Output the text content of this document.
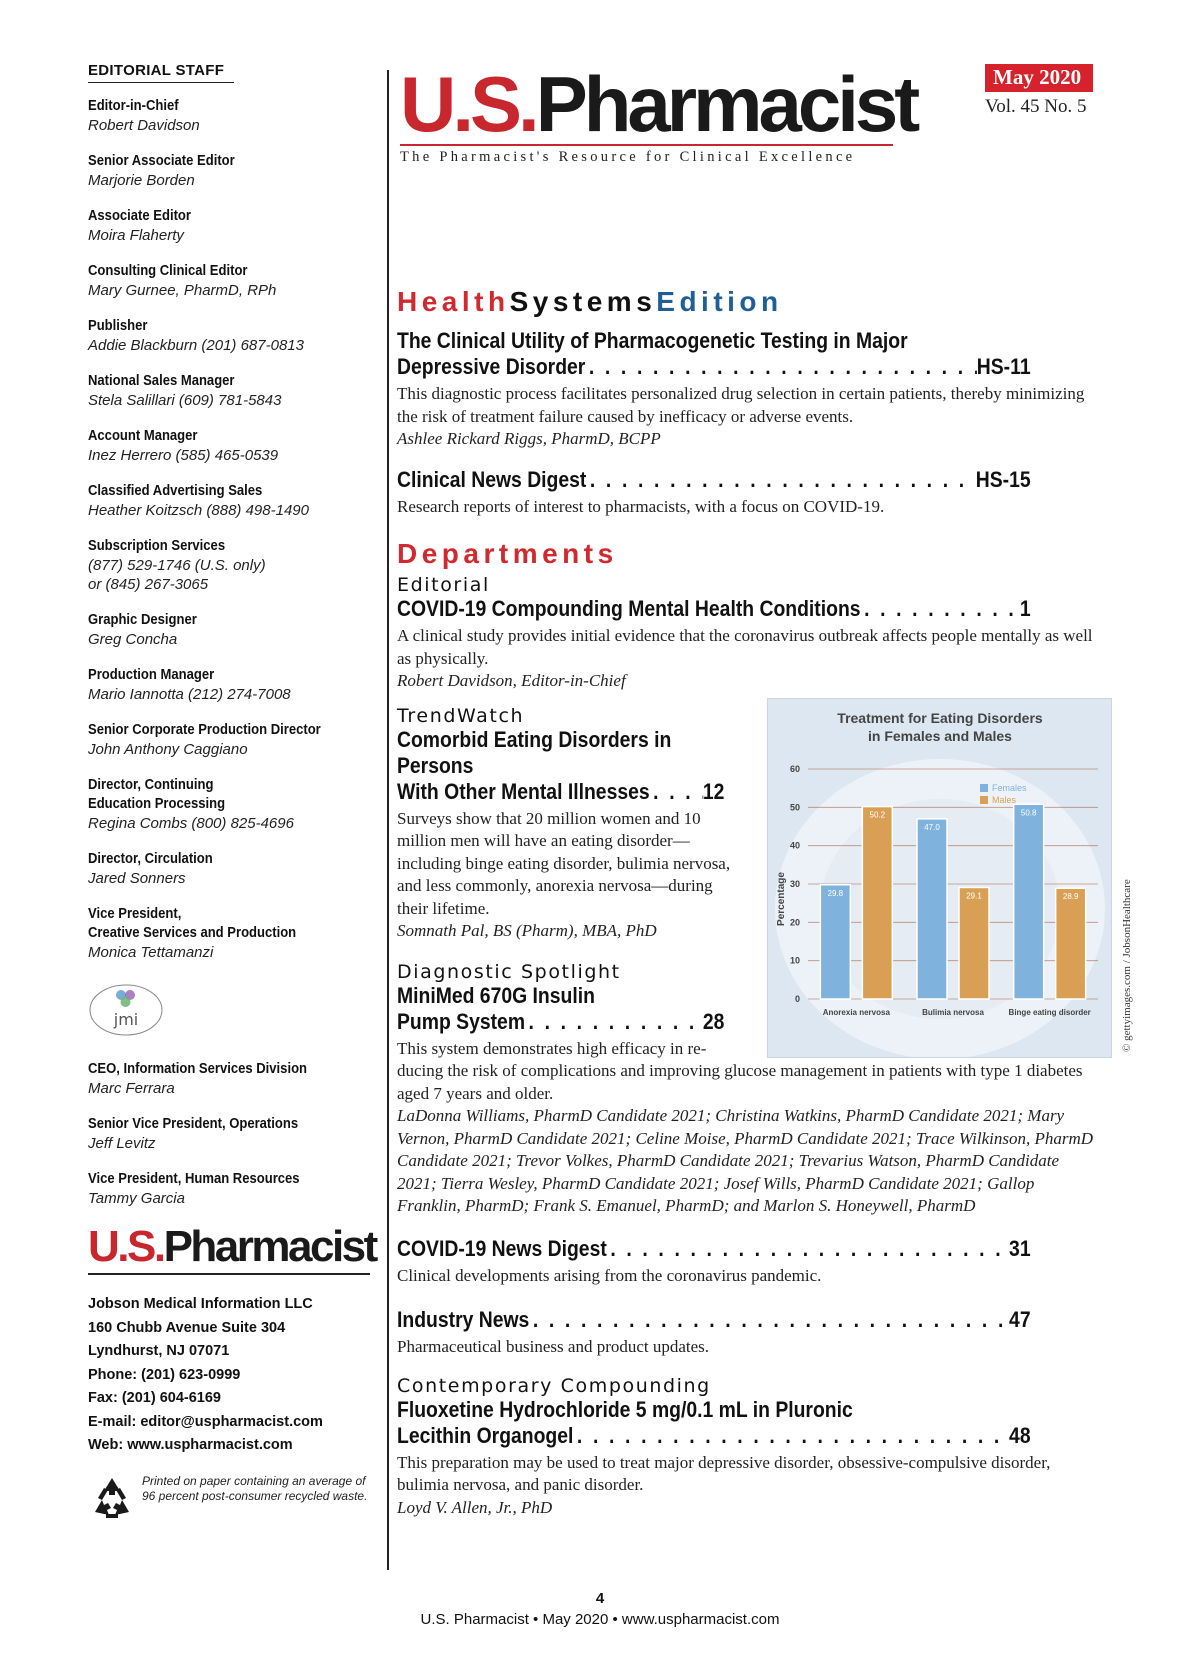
EDITORIAL STAFF
Editor-in-Chief
Robert Davidson
Senior Associate Editor
Marjorie Borden
Associate Editor
Moira Flaherty
Consulting Clinical Editor
Mary Gurnee, PharmD, RPh
Publisher
Addie Blackburn (201) 687-0813
National Sales Manager
Stela Salillari (609) 781-5843
Account Manager
Inez Herrero (585) 465-0539
Classified Advertising Sales
Heather Koitzsch (888) 498-1490
Subscription Services
(877) 529-1746 (U.S. only)
or (845) 267-3065
Graphic Designer
Greg Concha
Production Manager
Mario Iannotta (212) 274-7008
Senior Corporate Production Director
John Anthony Caggiano
Director, Continuing
Education Processing
Regina Combs (800) 825-4696
Director, Circulation
Jared Sonners
Vice President,
Creative Services and Production
Monica Tettamanzi
jmi
CEO, Information Services Division
Marc Ferrara
Senior Vice President, Operations
Jeff Levitz
Vice President, Human Resources
Tammy Garcia
U.S.Pharmacist
Jobson Medical Information LLC
160 Chubb Avenue Suite 304
Lyndhurst, NJ 07071
Phone: (201) 623-0999
Fax: (201) 604-6169
E-mail: editor@uspharmacist.com
Web: www.uspharmacist.com
Printed on paper containing an average of 96 percent post-consumer recycled waste.
U.S.Pharmacist
The Pharmacist's Resource for Clinical Excellence
May 2020
Vol. 45 No. 5
HealthSystemsEdition
The Clinical Utility of Pharmacogenetic Testing in Major
Depressive Disorder . . .	HS-11
This diagnostic process facilitates personalized drug selection in certain patients, thereby minimizing the risk of treatment failure caused by inefficacy or adverse events.
Ashlee Rickard Riggs, PharmD, BCPP
Clinical News Digest . . .	HS-15
Research reports of interest to pharmacists, with a focus on COVID-19.
Departments
Editorial
COVID-19 Compounding Mental Health Conditions . . .	1
A clinical study provides initial evidence that the coronavirus outbreak affects people mentally as well as physically.
Robert Davidson, Editor-in-Chief
TrendWatch
Comorbid Eating Disorders in Persons
With Other Mental Illnesses . . . 12
Surveys show that 20 million women and 10 million men will have an eating disorder—including binge eating disorder, bulimia nervosa, and less commonly, anorexia nervosa—during their lifetime.
Somnath Pal, BS (Pharm), MBA, PhD
Diagnostic Spotlight
MiniMed 670G Insulin
Pump System . . .	28
This system demonstrates high efficacy in re-
ducing the risk of complications and improving glucose management in patients with type 1 diabetes aged 7 years and older.
LaDonna Williams, PharmD Candidate 2021; Christina Watkins, PharmD Candidate 2021; Mary Vernon, PharmD Candidate 2021; Celine Moise, PharmD Candidate 2021; Trace Wilkinson, PharmD Candidate 2021; Trevor Volkes, PharmD Candidate 2021; Trevarius Watson, PharmD Candidate 2021; Tierra Wesley, PharmD Candidate 2021; Josef Wills, PharmD Candidate 2021; Gallop Franklin, PharmD; Frank S. Emanuel, PharmD; and Marlon S. Honeywell, PharmD
COVID-19 News Digest . . .	31
Clinical developments arising from the coronavirus pandemic.
Industry News . . .	47
Pharmaceutical business and product updates.
Contemporary Compounding
Fluoxetine Hydrochloride 5 mg/0.1 mL in Pluronic
Lecithin Organogel . . .	48
This preparation may be used to treat major depressive disorder, obsessive-compulsive disorder, bulimia nervosa, and panic disorder.
Loyd V. Allen, Jr., PhD
Treatment for Eating Disorders
in Females and Males
Percentage
0
10
20
30
40
50
60
29.8
50.2
Anorexia nervosa
47.0
29.1
Bulimia nervosa
50.8
28.9
Binge eating disorder
Females
Males
© gettyimages.com / JobsonHealthcare
4
U.S. Pharmacist • May 2020 • www.uspharmacist.com
